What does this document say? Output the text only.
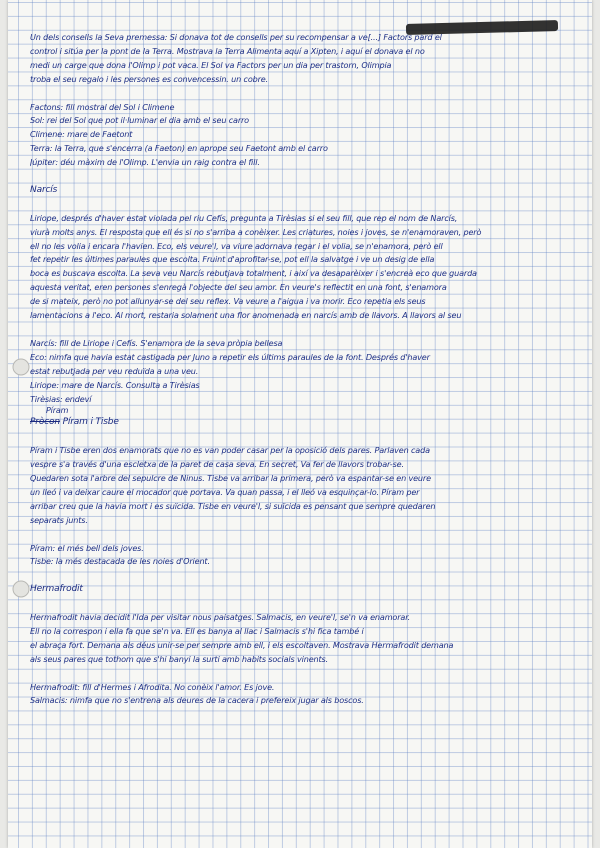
Un dels consells la Seva premessa: Si donava tot de consells per su recompensar a ve[...] Factors pard el
control i sitúa per la pont de la Terra. Mostrava la Terra Alimenta aquí a Xipten, i aquí el donava el no
medi un carge que dona l'Olimp i pot vaca. El Sol va Factors per un dia per trastorn, Olimpia
troba el seu regalo i les persones es convencessin. un cobre.
Factons: fill mostral del Sol i Climene
Sol: rei del Sol que pot il·luminar el dia amb el seu carro
Climene: mare de Faetont
Terra: la Terra, que s'encerra (a Faeton) en aprope seu Faetont amb el carro
Júpiter: déu màxim de l'Olimp. L'envia un raig contra el fill.
Narcís
Liriope, després d'haver estat violada pel riu Cefís, pregunta a Tirèsias si el seu fill, que rep el nom de Narcís,
viurà molts anys. El resposta que ell és si no s'arriba a conèixer. Les criatures, noies i joves, se n'enamoraven, però
ell no les volia i encara l'havien. Eco, els veure'l, va viure adornava regar i el volia, se n'enamora, però ell
fet repetir les últimes paraules que escolta. Fruint d'aprofitar-se, pot ell la salvatge i ve un desig de ella
boca es buscava escolta. La seva veu Narcís rebutjava totalment, i així va desaparèixer i s'encreà eco que guarda
aquesta veritat, eren persones s'enregà l'objecte del seu amor. En veure's reflectit en una font, s'enamora
de si mateix, però no pot allunyar-se del seu reflex. Va veure a l'aigua i va morir. Eco repetia els seus
lamentacions a l'eco. Al mort, restaria solament una flor anomenada en narcís amb de llavors. A llavors al seu
Narcís: fill de Liriope i Cefís. S'enamora de la seva pròpia bellesa
Eco: nimfa que havia estat castigada per Juno a repetir els últims paraules de la font. Després d'haver
estat rebutjada per veu reduïda a una veu.
Liriope: mare de Narcís. Consulta a Tirèsias
Tirèsias: endeví
Píram
Pròcon Píram i Tisbe
Píram i Tisbe eren dos enamorats que no es van poder casar per la oposició dels pares. Parlaven cada
vespre s'a través d'una escletxa de la paret de casa seva. En secret, Va fer de llavors trobar-se.
Quedaren sota l'arbre del sepulcre de Ninus. Tisbe va arribar la primera, però va espantar-se en veure
un lleó i va deixar caure el mocador que portava. Va quan passa, i el lleó va esquinçar-lo. Píram per
arribar creu que la havia mort i es suïcida. Tisbe en veure'l, si suïcida es pensant que sempre quedaren
separats junts.
Píram: el més bell dels joves.
Tisbe: la més destacada de les noies d'Orient.
Hermafrodit
Hermafrodit havia decidit l'Ida per visitar nous paisatges. Salmacis, en veure'l, se'n va enamorar.
Ell no la correspon i ella fa que se'n va. Ell es banya al llac i Salmacis s'hi fica també i
el abraça fort. Demana als déus unir-se per sempre amb ell, i els escoltaven. Mostrava Hermafrodit demana
als seus pares que tothom que s'hi banyi la surti amb habits socials vinents.
Hermafrodit: fill d'Hermes i Afrodita. No conèix l'amor. Es jove.
Salmacis: nimfa que no s'entrena als deures de la cacera i prefereix jugar als boscos.
